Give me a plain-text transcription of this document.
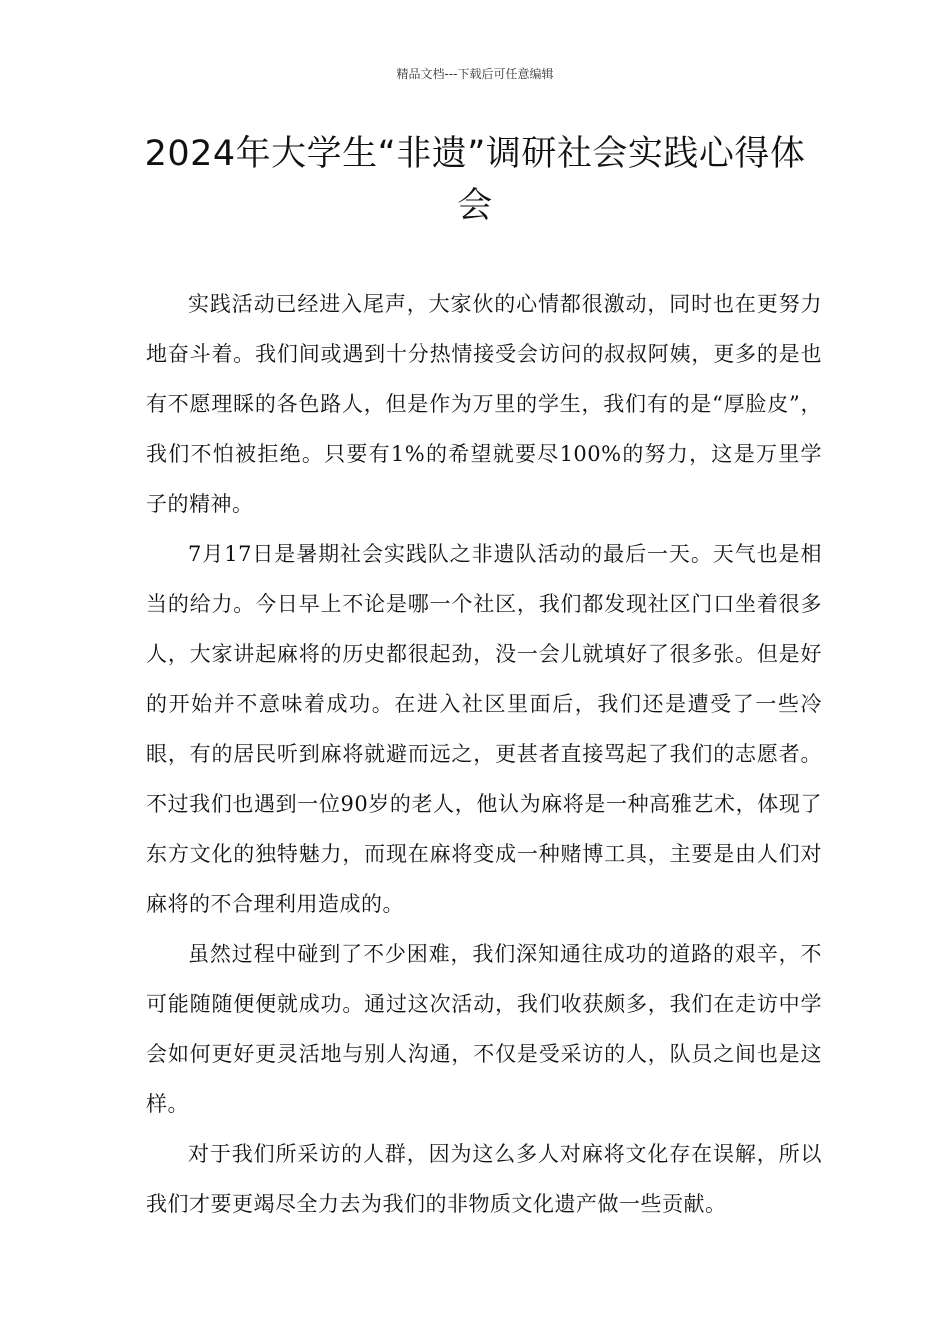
精品文档---下载后可任意编辑
2024年大学生“非遗”调研社会实践心得体会

实践活动已经进入尾声，大家伙的心情都很激动，同时也在更努力地奋斗着。我们间或遇到十分热情接受会访问的叔叔阿姨，更多的是也有不愿理睬的各色路人，但是作为万里的学生，我们有的是“厚脸皮”，我们不怕被拒绝。只要有1%的希望就要尽100%的努力，这是万里学子的精神。

7月17日是暑期社会实践队之非遗队活动的最后一天。天气也是相当的给力。今日早上不论是哪一个社区，我们都发现社区门口坐着很多人，大家讲起麻将的历史都很起劲，没一会儿就填好了很多张。但是好的开始并不意味着成功。在进入社区里面后，我们还是遭受了一些冷眼，有的居民听到麻将就避而远之，更甚者直接骂起了我们的志愿者。不过我们也遇到一位90岁的老人，他认为麻将是一种高雅艺术，体现了东方文化的独特魅力，而现在麻将变成一种赌博工具，主要是由人们对麻将的不合理利用造成的。

虽然过程中碰到了不少困难，我们深知通往成功的道路的艰辛，不可能随随便便就成功。通过这次活动，我们收获颇多，我们在走访中学会如何更好更灵活地与别人沟通，不仅是受采访的人，队员之间也是这样。

对于我们所采访的人群，因为这么多人对麻将文化存在误解，所以我们才要更竭尽全力去为我们的非物质文化遗产做一些贡献。
